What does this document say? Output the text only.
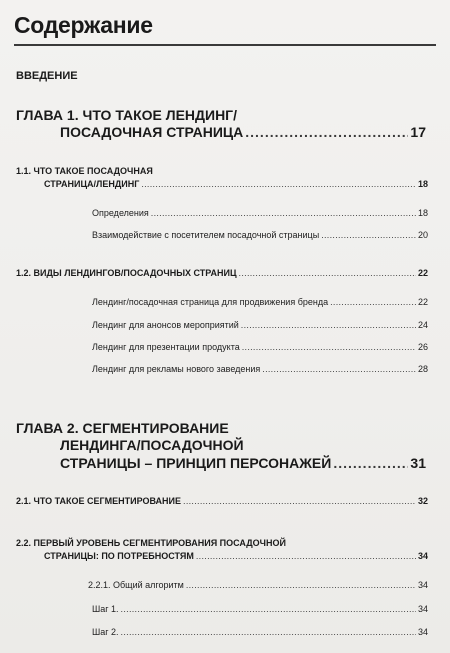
Содержание
ВВЕДЕНИЕ
ГЛАВА 1. ЧТО ТАКОЕ ЛЕНДИНГ/
ПОСАДОЧНАЯ СТРАНИЦА .....	17
1.1. ЧТО ТАКОЕ ПОСАДОЧНАЯ
СТРАНИЦА/ЛЕНДИНГ .....	18
Определения .....	18
Взаимодействие с посетителем посадочной страницы .....	20
1.2. ВИДЫ ЛЕНДИНГОВ/ПОСАДОЧНЫХ СТРАНИЦ .....	22
Лендинг/посадочная страница для продвижения бренда .....	22
Лендинг для анонсов мероприятий .....	24
Лендинг для презентации продукта .....	26
Лендинг для рекламы нового заведения .....	28
ГЛАВА 2. СЕГМЕНТИРОВАНИЕ
ЛЕНДИНГА/ПОСАДОЧНОЙ
СТРАНИЦЫ – ПРИНЦИП ПЕРСОНАЖЕЙ .....	31
2.1. ЧТО ТАКОЕ СЕГМЕНТИРОВАНИЕ .....	32
2.2. ПЕРВЫЙ УРОВЕНЬ СЕГМЕНТИРОВАНИЯ ПОСАДОЧНОЙ
СТРАНИЦЫ: ПО ПОТРЕБНОСТЯМ .....	34
2.2.1. Общий алгоритм .....	34
Шаг 1. .....	34
Шаг 2. .....	34
